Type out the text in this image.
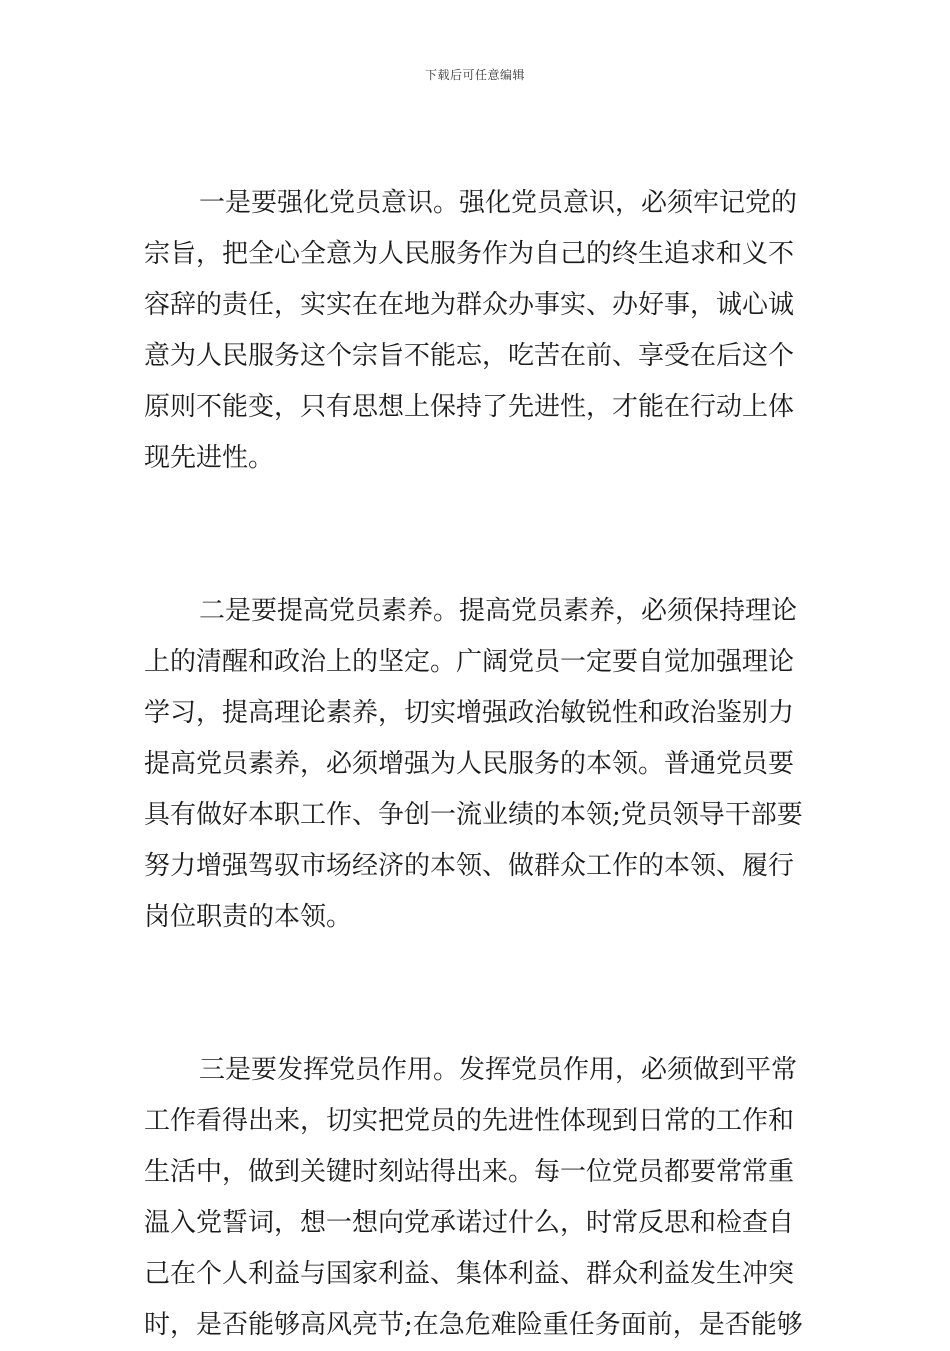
下载后可任意编辑
一是要强化党员意识。强化党员意识，必须牢记党的
宗旨，把全心全意为人民服务作为自己的终生追求和义不
容辞的责任，实实在在地为群众办事实、办好事，诚心诚
意为人民服务这个宗旨不能忘，吃苦在前、享受在后这个
原则不能变，只有思想上保持了先进性，才能在行动上体
现先进性。
二是要提高党员素养。提高党员素养，必须保持理论
上的清醒和政治上的坚定。广阔党员一定要自觉加强理论
学习，提高理论素养，切实增强政治敏锐性和政治鉴别力
提高党员素养，必须增强为人民服务的本领。普通党员要
具有做好本职工作、争创一流业绩的本领;党员领导干部要
努力增强驾驭市场经济的本领、做群众工作的本领、履行
岗位职责的本领。
三是要发挥党员作用。发挥党员作用，必须做到平常
工作看得出来，切实把党员的先进性体现到日常的工作和
生活中，做到关键时刻站得出来。每一位党员都要常常重
温入党誓词，想一想向党承诺过什么，时常反思和检查自
己在个人利益与国家利益、集体利益、群众利益发生冲突
时，是否能够高风亮节;在急危难险重任务面前，是否能够
